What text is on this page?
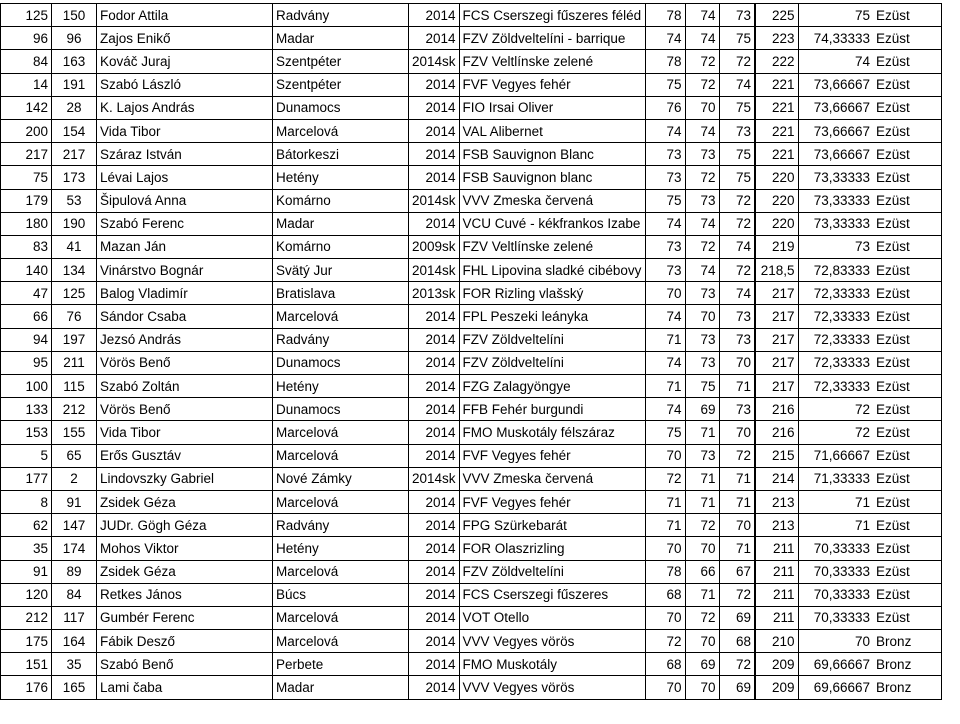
125	150	Fodor Attila	Radvány	2014	FCS Cserszegi fűszeres féléd	78	74	73	225	75	Ezüst
96	96	Zajos Enikő	Madar	2014	FZV Zöldveltelíni - barrique	74	74	75	223	74,33333	Ezüst
84	163	Kováč Juraj	Szentpéter	2014sk	FZV Veltlínske zelené	78	72	72	222	74	Ezüst
14	191	Szabó László	Szentpéter	2014	FVF Vegyes fehér	75	72	74	221	73,66667	Ezüst
142	28	K. Lajos András	Dunamocs	2014	FIO Irsai Oliver	76	70	75	221	73,66667	Ezüst
200	154	Vida Tibor	Marcelová	2014	VAL Alibernet	74	74	73	221	73,66667	Ezüst
217	217	Száraz István	Bátorkeszi	2014	FSB Sauvignon Blanc	73	73	75	221	73,66667	Ezüst
75	173	Lévai Lajos	Hetény	2014	FSB Sauvignon blanc	73	72	75	220	73,33333	Ezüst
179	53	Šipulová Anna	Komárno	2014sk	VVV Zmeska červená	75	73	72	220	73,33333	Ezüst
180	190	Szabó Ferenc	Madar	2014	VCU Cuvé - kékfrankos Izabe	74	74	72	220	73,33333	Ezüst
83	41	Mazan Ján	Komárno	2009sk	FZV Veltlínske zelené	73	72	74	219	73	Ezüst
140	134	Vinárstvo Bognár	Svätý Jur	2014sk	FHL Lipovina sladké cibébovy	73	74	72	218,5	72,83333	Ezüst
47	125	Balog Vladimír	Bratislava	2013sk	FOR Rizling vlašský	70	73	74	217	72,33333	Ezüst
66	76	Sándor Csaba	Marcelová	2014	FPL Peszeki leányka	74	70	73	217	72,33333	Ezüst
94	197	Jezsó András	Radvány	2014	FZV Zöldveltelíni	71	73	73	217	72,33333	Ezüst
95	211	Vörös Benő	Dunamocs	2014	FZV Zöldveltelíni	74	73	70	217	72,33333	Ezüst
100	115	Szabó Zoltán	Hetény	2014	FZG Zalagyöngye	71	75	71	217	72,33333	Ezüst
133	212	Vörös Benő	Dunamocs	2014	FFB Fehér burgundi	74	69	73	216	72	Ezüst
153	155	Vida Tibor	Marcelová	2014	FMO Muskotály félszáraz	75	71	70	216	72	Ezüst
5	65	Erős Gusztáv	Marcelová	2014	FVF Vegyes fehér	70	73	72	215	71,66667	Ezüst
177	2	Lindovszky Gabriel	Nové Zámky	2014sk	VVV Zmeska červená	72	71	71	214	71,33333	Ezüst
8	91	Zsidek Géza	Marcelová	2014	FVF Vegyes fehér	71	71	71	213	71	Ezüst
62	147	JUDr. Gögh Géza	Radvány	2014	FPG Szürkebarát	71	72	70	213	71	Ezüst
35	174	Mohos Viktor	Hetény	2014	FOR Olaszrizling	70	70	71	211	70,33333	Ezüst
91	89	Zsidek Géza	Marcelová	2014	FZV Zöldveltelíni	78	66	67	211	70,33333	Ezüst
120	84	Retkes János	Búcs	2014	FCS Cserszegi fűszeres	68	71	72	211	70,33333	Ezüst
212	117	Gumbér Ferenc	Marcelová	2014	VOT Otello	70	72	69	211	70,33333	Ezüst
175	164	Fábik Desző	Marcelová	2014	VVV Vegyes vörös	72	70	68	210	70	Bronz
151	35	Szabó Benő	Perbete	2014	FMO Muskotály	68	69	72	209	69,66667	Bronz
176	165	Lami čaba	Madar	2014	VVV Vegyes vörös	70	70	69	209	69,66667	Bronz
